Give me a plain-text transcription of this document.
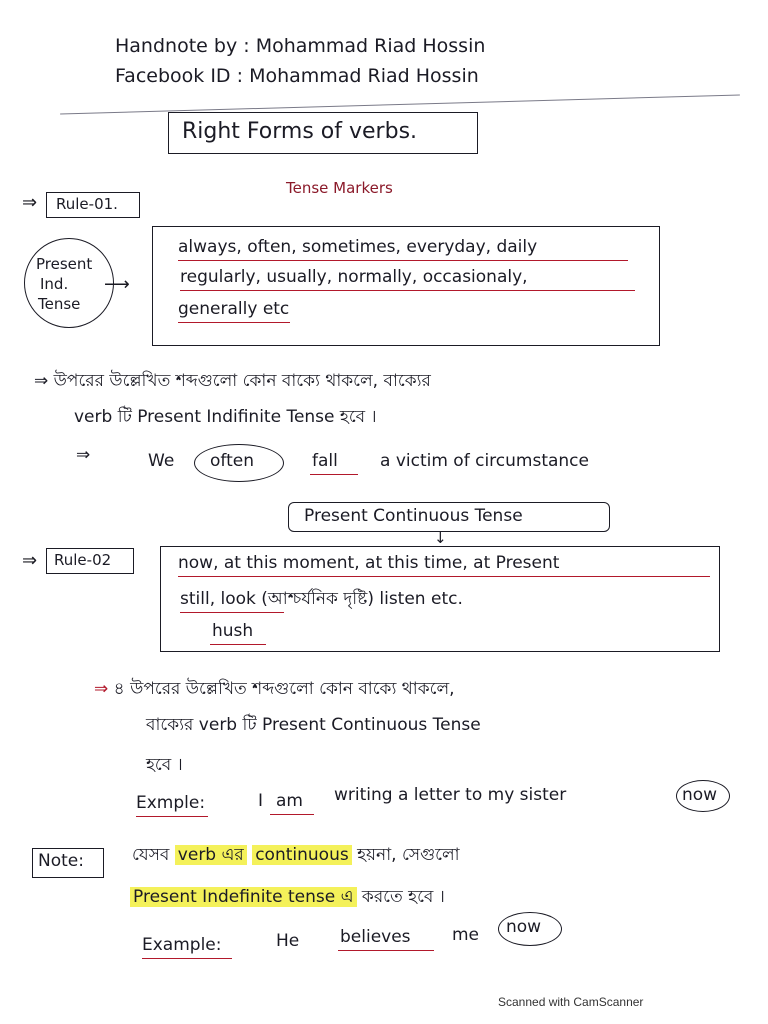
Handnote by : Mohammad Riad Hossin
Facebook ID : Mohammad Riad Hossin
Right Forms of verbs.
Tense Markers
⇒ Rule-01.
Present
Ind.
Tense
⟶
always, often, sometimes, everyday, daily
regularly, usually, normally, occasionaly,
generally etc
⇒ উপরের উল্লেখিত শব্দগুলো কোন বাক্যে থাকলে, বাক্যের
verb টি Present Indifinite Tense হবে ।
⇒	We often	fall a victim of circumstance
Present Continuous Tense
↓
⇒ Rule-02	now, at this moment, at this time, at Present
still, look (আশ্চর্যনিক দৃষ্টি) listen etc.
hush
⇒ ৪ উপরের উল্লেখিত শব্দগুলো কোন বাক্যে থাকলে,
বাক্যের verb টি Present Continuous Tense
হবে ।
Exmple:	I am writing a letter to my sister	now
Note:	যেসব verb এর continuous হয়না, সেগুলো
Present Indefinite tense এ করতে হবে ।
Example:	He believes me now
Scanned with CamScanner
